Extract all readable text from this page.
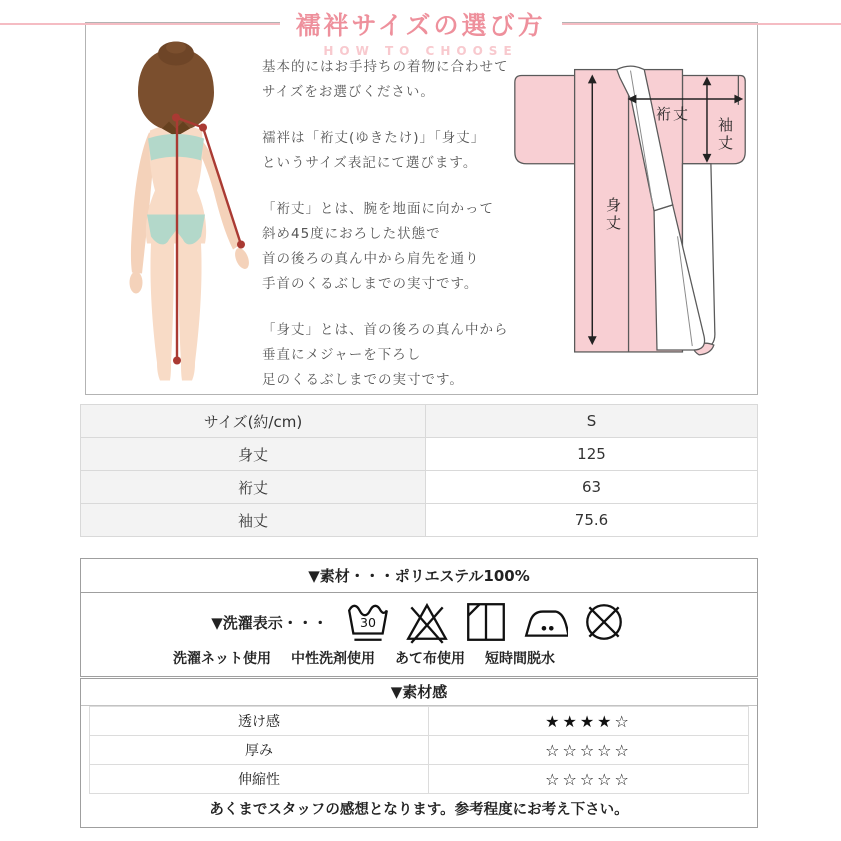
襦袢サイズの選び方
HOW TO CHOOSE

基本的にはお手持ちの着物に合わせて
サイズをお選びください。

襦袢は「裄丈(ゆきたけ)」「身丈」
というサイズ表記にて選びます。

「裄丈」とは、腕を地面に向かって
斜め45度におろした状態で
首の後ろの真ん中から肩先を通り
手首のくるぶしまでの実寸です。

「身丈」とは、首の後ろの真ん中から
垂直にメジャーを下ろし
足のくるぶしまでの実寸です。

裄丈
袖丈
身丈
サイズ(約/cm)	S
身丈	125
裄丈	63
袖丈	75.6
▼素材・・・ポリエステル100%
▼洗濯表示・・・	30
洗濯ネット使用 中性洗剤使用 あて布使用 短時間脱水
▼素材感
透け感	★★★★☆
厚み	☆☆☆☆☆
伸縮性	☆☆☆☆☆
あくまでスタッフの感想となります。参考程度にお考え下さい。
